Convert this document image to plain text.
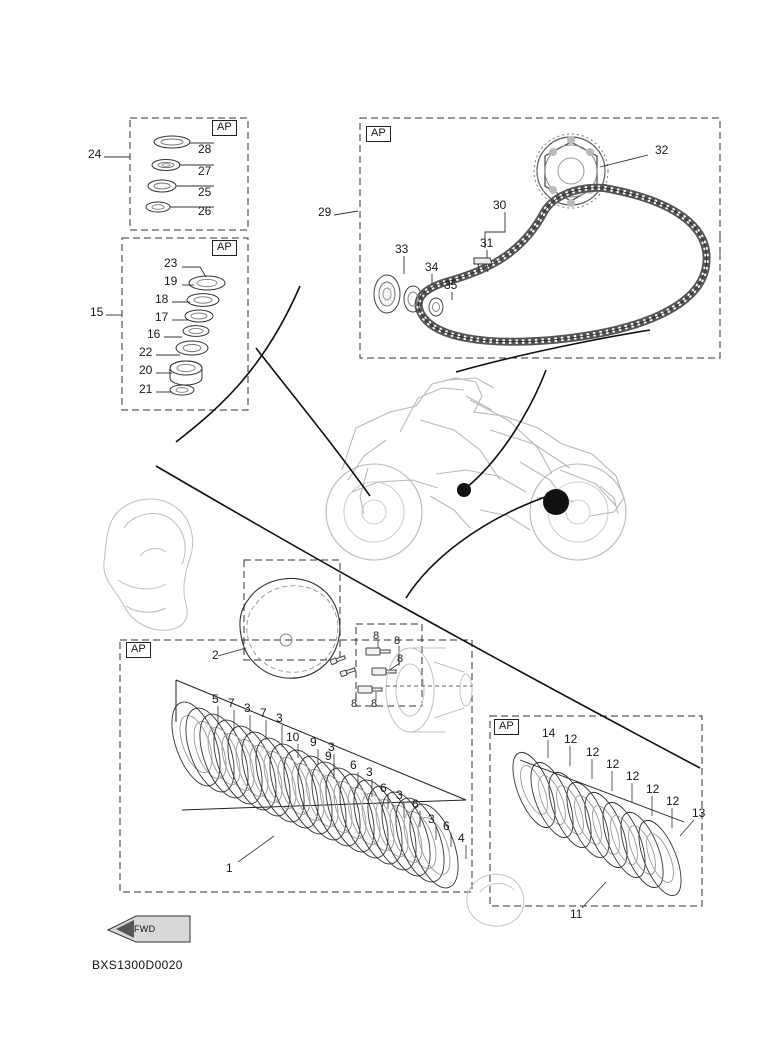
AP
AP
AP
AP
AP
24	28
27
25
26
23
19
18
17
16
22
20
21
15
29	30
31
32
33
34
35
2
8 8
8
8 8
5 7 3 7 3
10 9 3
9
6 3
6 3
6
3 6
4
1
14 12
12
12
12
12
12
13
11
FWD
BXS1300D0020
